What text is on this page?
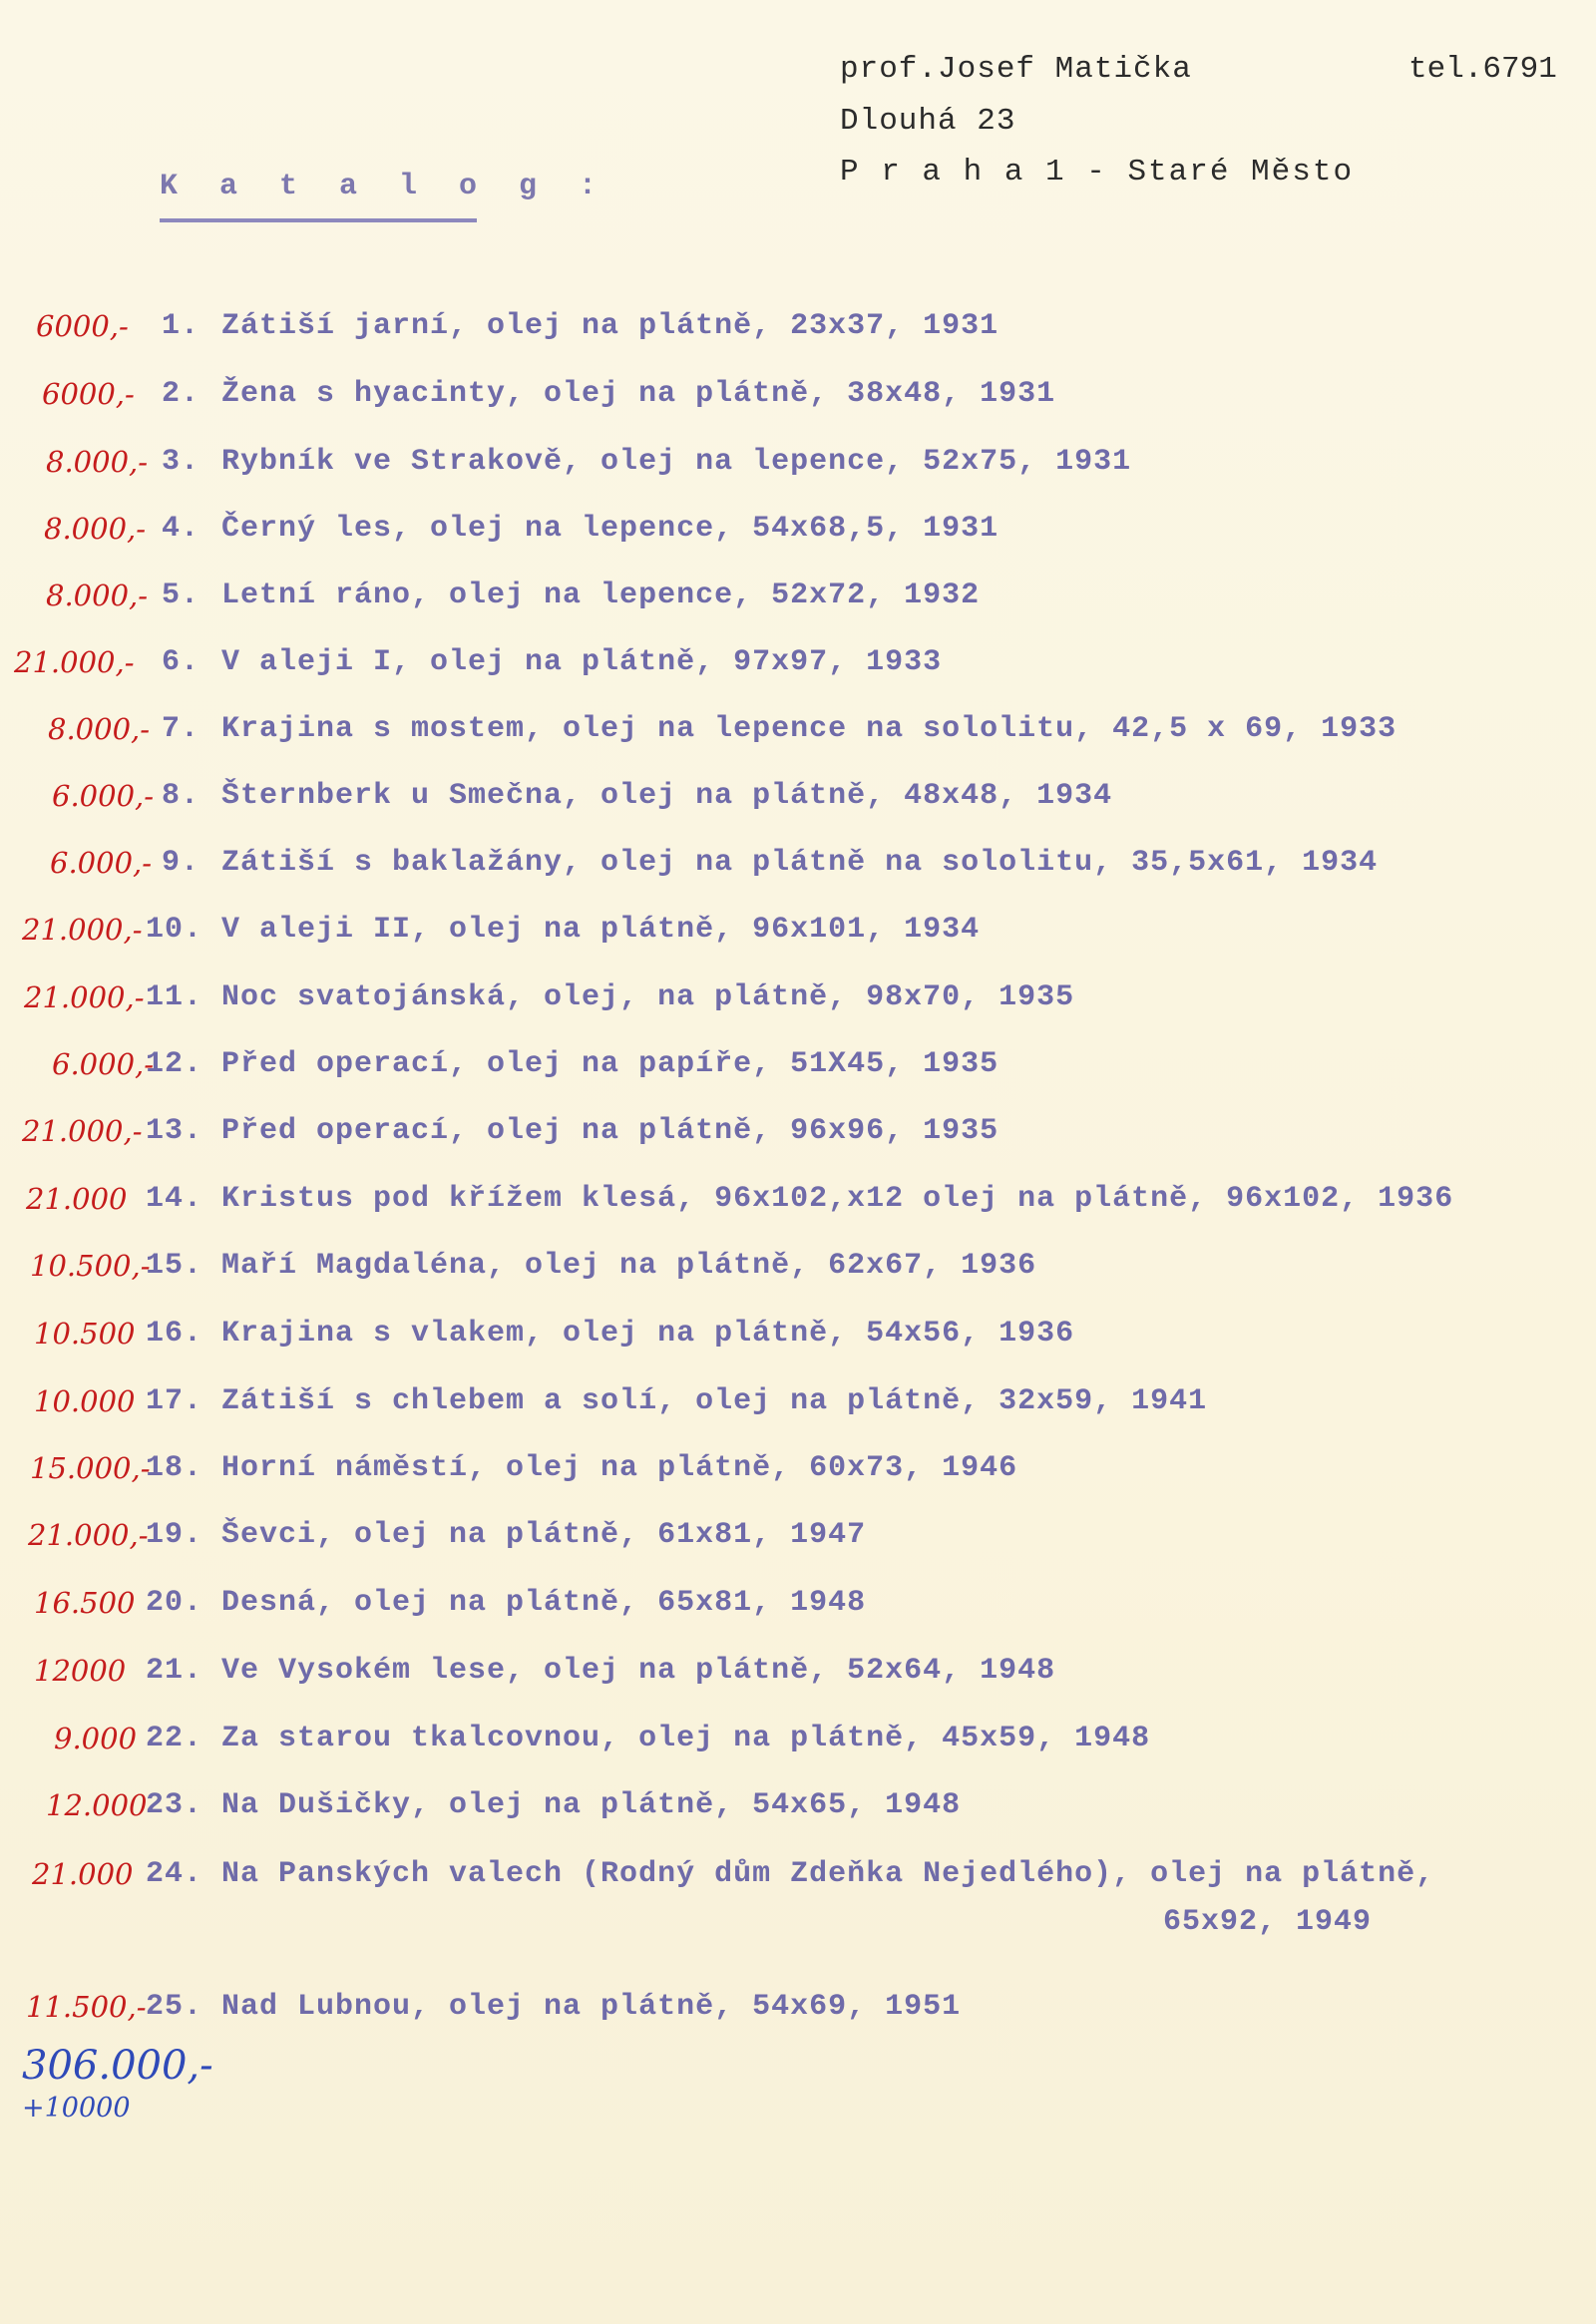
prof.Josef Matička	tel.6791
Dlouhá 23
P r a h a 1 - Staré Město
K a t a l o g :
6000,- 1. Zátiší jarní, olej na plátně, 23x37, 1931
6000,- 2. Žena s hyacinty, olej na plátně, 38x48, 1931
8.000,- 3. Rybník ve Strakově, olej na lepence, 52x75, 1931
8.000,- 4. Černý les, olej na lepence, 54x68,5, 1931
8.000,- 5. Letní ráno, olej na lepence, 52x72, 1932
21.000,- 6. V aleji I, olej na plátně, 97x97, 1933
8.000,- 7. Krajina s mostem, olej na lepence na sololitu, 42,5 x 69, 1933
6.000,- 8. Šternberk u Smečna, olej na plátně, 48x48, 1934
6.000,- 9. Zátiší s baklažány, olej na plátně na sololitu, 35,5x61, 1934
21.000,- 10. V aleji II, olej na plátně, 96x101, 1934
21.000,- 11. Noc svatojánská, olej, na plátně, 98x70, 1935
6.000,-
12. Před operací, olej na papíře, 51X45, 1935
21.000,- 13. Před operací, olej na plátně, 96x96, 1935
21.000 14. Kristus pod křížem klesá, 96x102,x12 olej na plátně, 96x102, 1936
10.500,-
15. Maří Magdaléna, olej na plátně, 62x67, 1936
10.500 16. Krajina s vlakem, olej na plátně, 54x56, 1936
10.000 17. Zátiší s chlebem a solí, olej na plátně, 32x59, 1941
15.000,-
18. Horní náměstí, olej na plátně, 60x73, 1946
21.000,-
19. Ševci, olej na plátně, 61x81, 1947
16.500 20. Desná, olej na plátně, 65x81, 1948
12000 21. Ve Vysokém lese, olej na plátně, 52x64, 1948
9.000 22. Za starou tkalcovnou, olej na plátně, 45x59, 1948
12.000
23. Na Dušičky, olej na plátně, 54x65, 1948
21.000 24. Na Panských valech (Rodný dům Zdeňka Nejedlého), olej na plátně,
65x92, 1949
11.500,- 25. Nad Lubnou, olej na plátně, 54x69, 1951
306.000,-
+10000
